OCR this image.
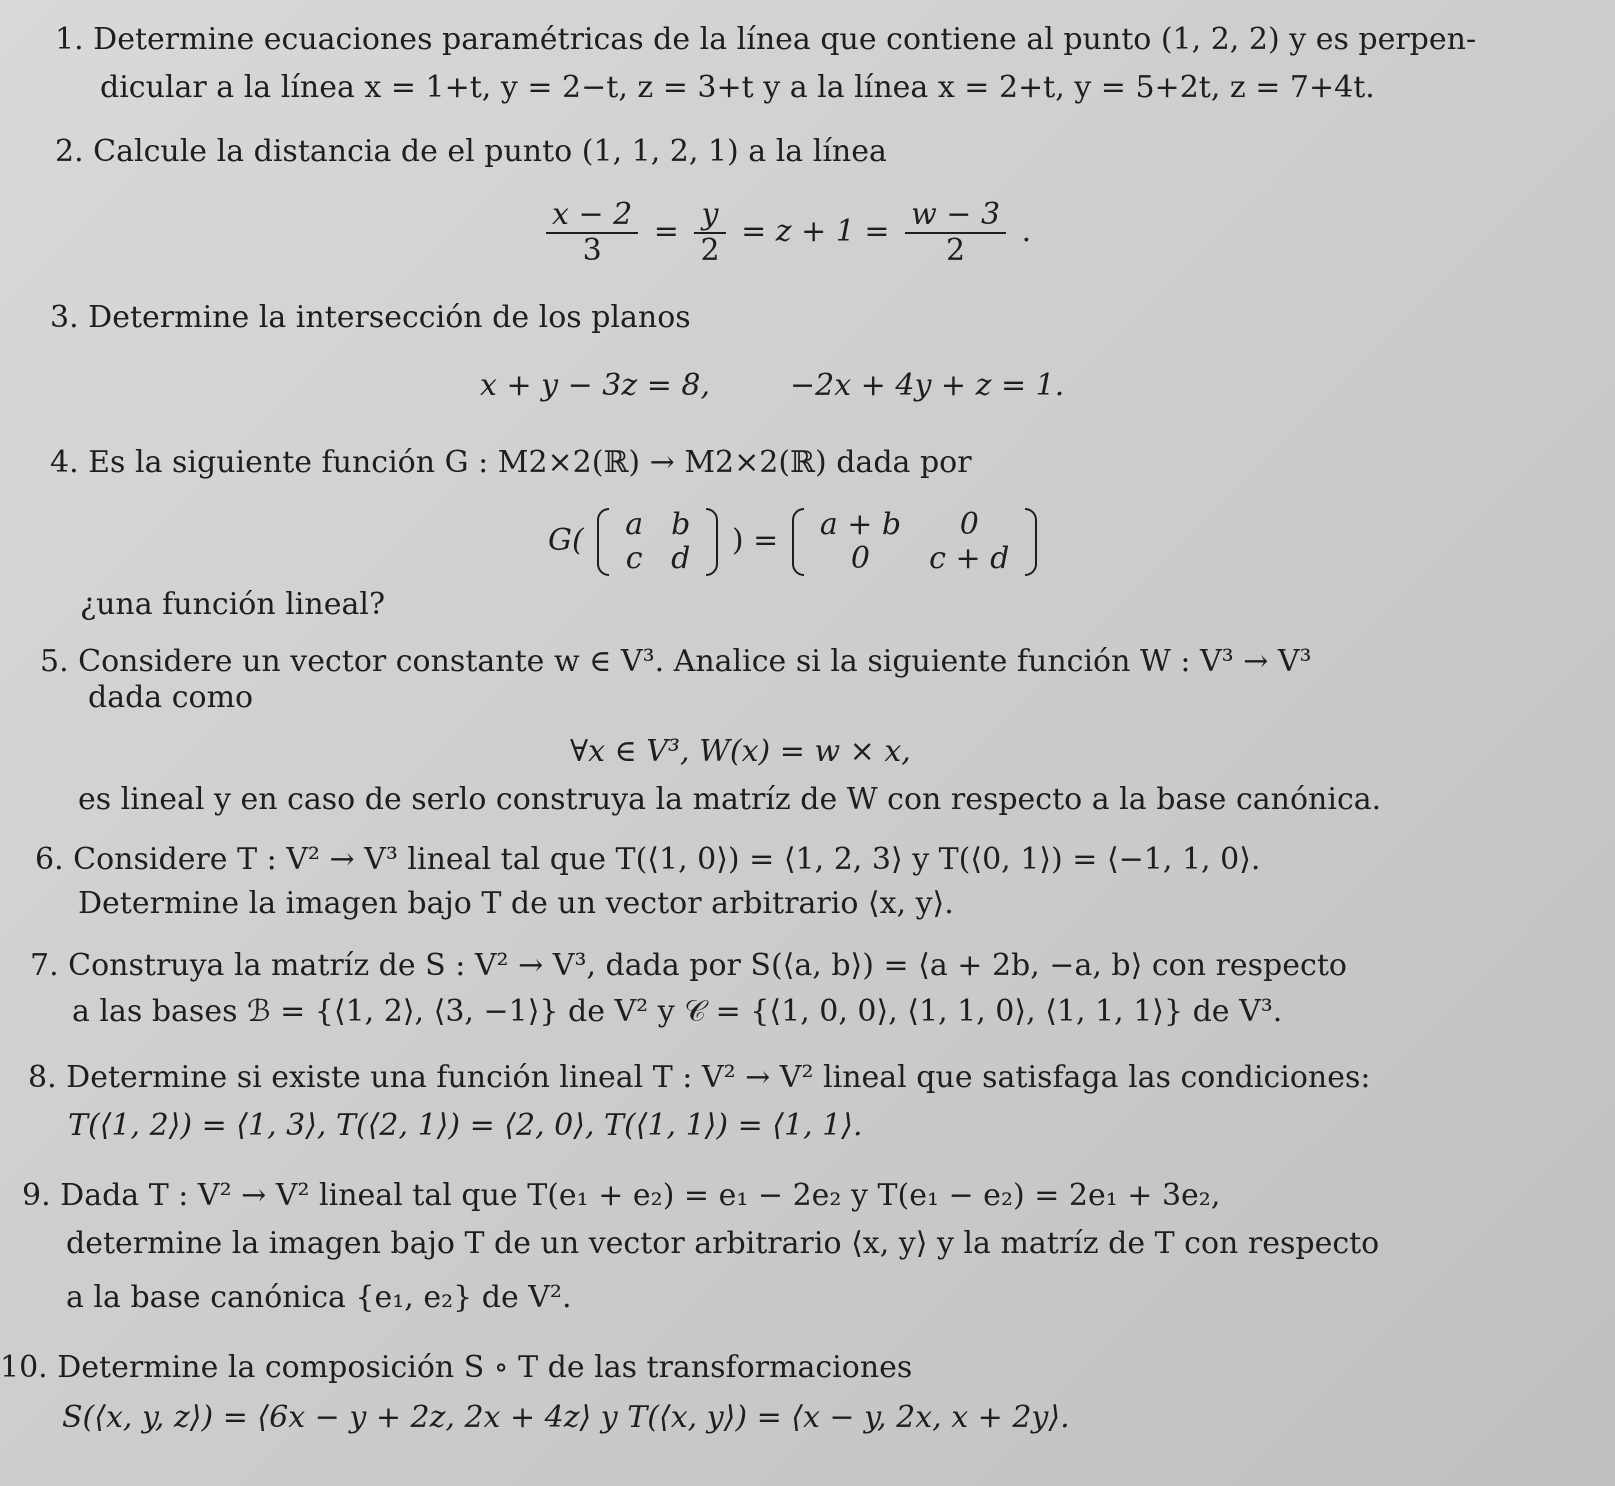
1. Determine ecuaciones paramétricas de la línea que contiene al punto (1, 2, 2) y es perpen-
dicular a la línea x = 1+t, y = 2−t, z = 3+t y a la línea x = 2+t, y = 5+2t, z = 7+4t.
2. Calcule la distancia de el punto (1, 1, 2, 1) a la línea
$\frac{x - 2}{3} = \frac{y}{2} = z + 1 = \frac{w - 3}{2}$ .
3. Determine la intersección de los planos
x + y − 3z = 8,	−2x + 4y + z = 1.
4. Es la siguiente función G : M2×2(ℝ) → M2×2(ℝ) dada por
G( a	b
c	d
) = a + b	0
0	c + d
¿una función lineal?
5. Considere un vector constante w ∈ V³. Analice si la siguiente función W : V³ → V³
dada como
∀x ∈ V³, W(x) = w × x,
es lineal y en caso de serlo construya la matríz de W con respecto a la base canónica.
6. Considere T : V² → V³ lineal tal que T(⟨1, 0⟩) = ⟨1, 2, 3⟩ y T(⟨0, 1⟩) = ⟨−1, 1, 0⟩.
Determine la imagen bajo T de un vector arbitrario ⟨x, y⟩.
7. Construya la matríz de S : V² → V³, dada por S(⟨a, b⟩) = ⟨a + 2b, −a, b⟩ con respecto
a las bases ℬ = {⟨1, 2⟩, ⟨3, −1⟩} de V² y 𝒞 = {⟨1, 0, 0⟩, ⟨1, 1, 0⟩, ⟨1, 1, 1⟩} de V³.
8. Determine si existe una función lineal T : V² → V² lineal que satisfaga las condiciones:
T(⟨1, 2⟩) = ⟨1, 3⟩, T(⟨2, 1⟩) = ⟨2, 0⟩, T(⟨1, 1⟩) = ⟨1, 1⟩.
9. Dada T : V² → V² lineal tal que T(e₁ + e₂) = e₁ − 2e₂ y T(e₁ − e₂) = 2e₁ + 3e₂,
determine la imagen bajo T de un vector arbitrario ⟨x, y⟩ y la matríz de T con respecto
a la base canónica {e₁, e₂} de V².
10. Determine la composición S ∘ T de las transformaciones
S(⟨x, y, z⟩) = ⟨6x − y + 2z, 2x + 4z⟩ y T(⟨x, y⟩) = ⟨x − y, 2x, x + 2y⟩.
